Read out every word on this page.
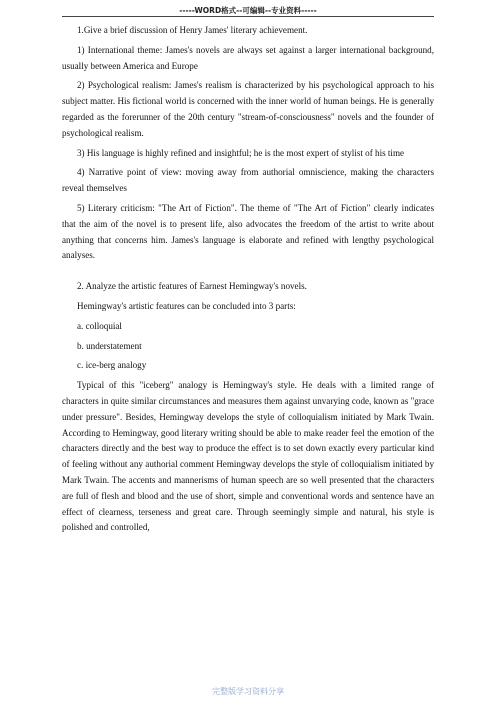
-----WORD格式--可编辑--专业资料-----

1.Give a brief discussion of Henry James' literary achievement.

1) International theme: James's novels are always set against a larger international background, usually between America and Europe

2) Psychological realism: James's realism is characterized by his psychological approach to his subject matter. His fictional world is concerned with the inner world of human beings. He is generally regarded as the forerunner of the 20th century "stream-of-consciousness" novels and the founder of psychological realism.

3) His language is highly refined and insightful; he is the most expert of stylist of his time

4) Narrative point of view: moving away from authorial omniscience, making the characters reveal themselves

5) Literary criticism: "The Art of Fiction". The theme of "The Art of Fiction" clearly indicates that the aim of the novel is to present life, also advocates the freedom of the artist to write about anything that concerns him. James's language is elaborate and refined with lengthy psychological analyses.

2. Analyze the artistic features of Earnest Hemingway's novels.

Hemingway's artistic features can be concluded into 3 parts:

a. colloquial

b. understatement

c. ice-berg analogy

Typical of this "iceberg" analogy is Hemingway's style. He deals with a limited range of characters in quite similar circumstances and measures them against unvarying code, known as "grace under pressure". Besides, Hemingway develops the style of colloquialism initiated by Mark Twain. According to Hemingway, good literary writing should be able to make reader feel the emotion of the characters directly and the best way to produce the effect is to set down exactly every particular kind of feeling without any authorial comment Hemingway develops the style of colloquialism initiated by Mark Twain. The accents and mannerisms of human speech are so well presented that the characters are full of flesh and blood and the use of short, simple and conventional words and sentence have an effect of clearness, terseness and great care. Through seemingly simple and natural, his style is polished and controlled,

完整版学习资料分享
